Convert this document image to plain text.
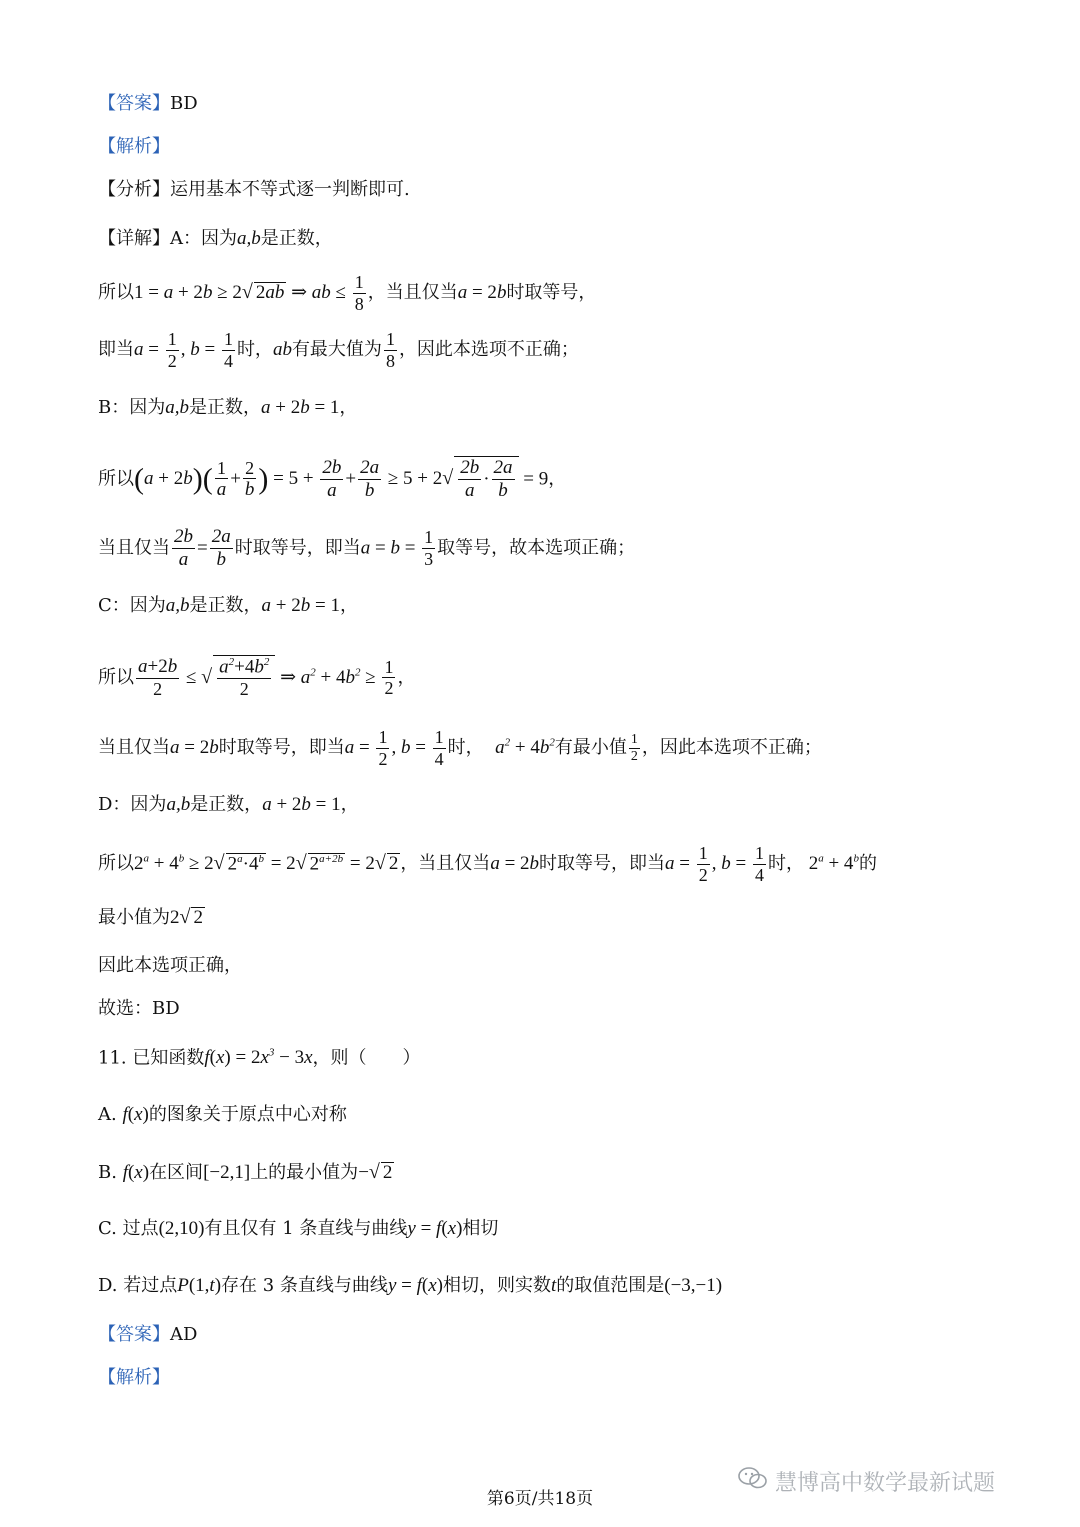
【答案】BD
【解析】
【分析】运用基本不等式逐一判断即可.
【详解】A：因为a,b是正数，
所以1 = a + 2b ≥ 2√ 2ab ⇒ ab ≤ $\frac{1}{8}$ ，当且仅当a = 2b时取等号，
即当$a = \frac{1}{2}$ , $b = \frac{1}{4}$ 时，ab有最大值为 $\frac{1}{8}$ ，因此本选项不正确；
B：因为a,b是正数，a + 2b = 1，
所以$(a + 2b)( \frac{1}{a} + \frac{2}{b}$ ) = $5 + \frac{2b}{a} + \frac{2a}{b} \ge 5 + 2√ \frac{2b}{a} \cdot \frac{2a}{b} = 9$，
当且仅当 $\frac{2b}{a} = \frac{2a}{b}$ 时取等号，即当$a = b = \frac{1}{3}$ 取等号，故本选项正确；
C：因为a,b是正数，a + 2b = 1，
所以 $\frac{a+2b}{2}$ ≤ √ $\frac{a^2+4b^2}{2}$ ⇒ $a^2 + 4b^2 \ge \frac{1}{2}$ ，
当且仅当a = 2b时取等号，即当$a = \frac{1}{2}$ , $b = \frac{1}{4}$ 时， $a^2 + 4b^2$有最小值 $\frac{1}{2}$ ，因此本选项不正确；
D：因为a,b是正数，a + 2b = 1，
所以$2^a + 4^b \ge 2√$ $2^a\cdot 4^b = 2√$ $2^{a+2b} = 2√$ 2 ，当且仅当a = 2b时取等号，即当$a = \frac{1}{2}$ , $b = \frac{1}{4}$ 时， $2^a + 4^b$的
最小值为2√ 2
因此本选项正确，
故选：BD
11. 已知函数$f(x) = 2x^3 - 3x$，则（　　）
A. f(x)的图象关于原点中心对称
B. f(x)在区间[−2,1]上的最小值为−√ 2
C. 过点(2,10)有且仅有 1 条直线与曲线y = f(x)相切
D. 若过点P(1,t)存在 3 条直线与曲线y = f(x)相切，则实数t的取值范围是(−3,−1)
【答案】AD
【解析】
慧博高中数学最新试题
第6页/共18页
